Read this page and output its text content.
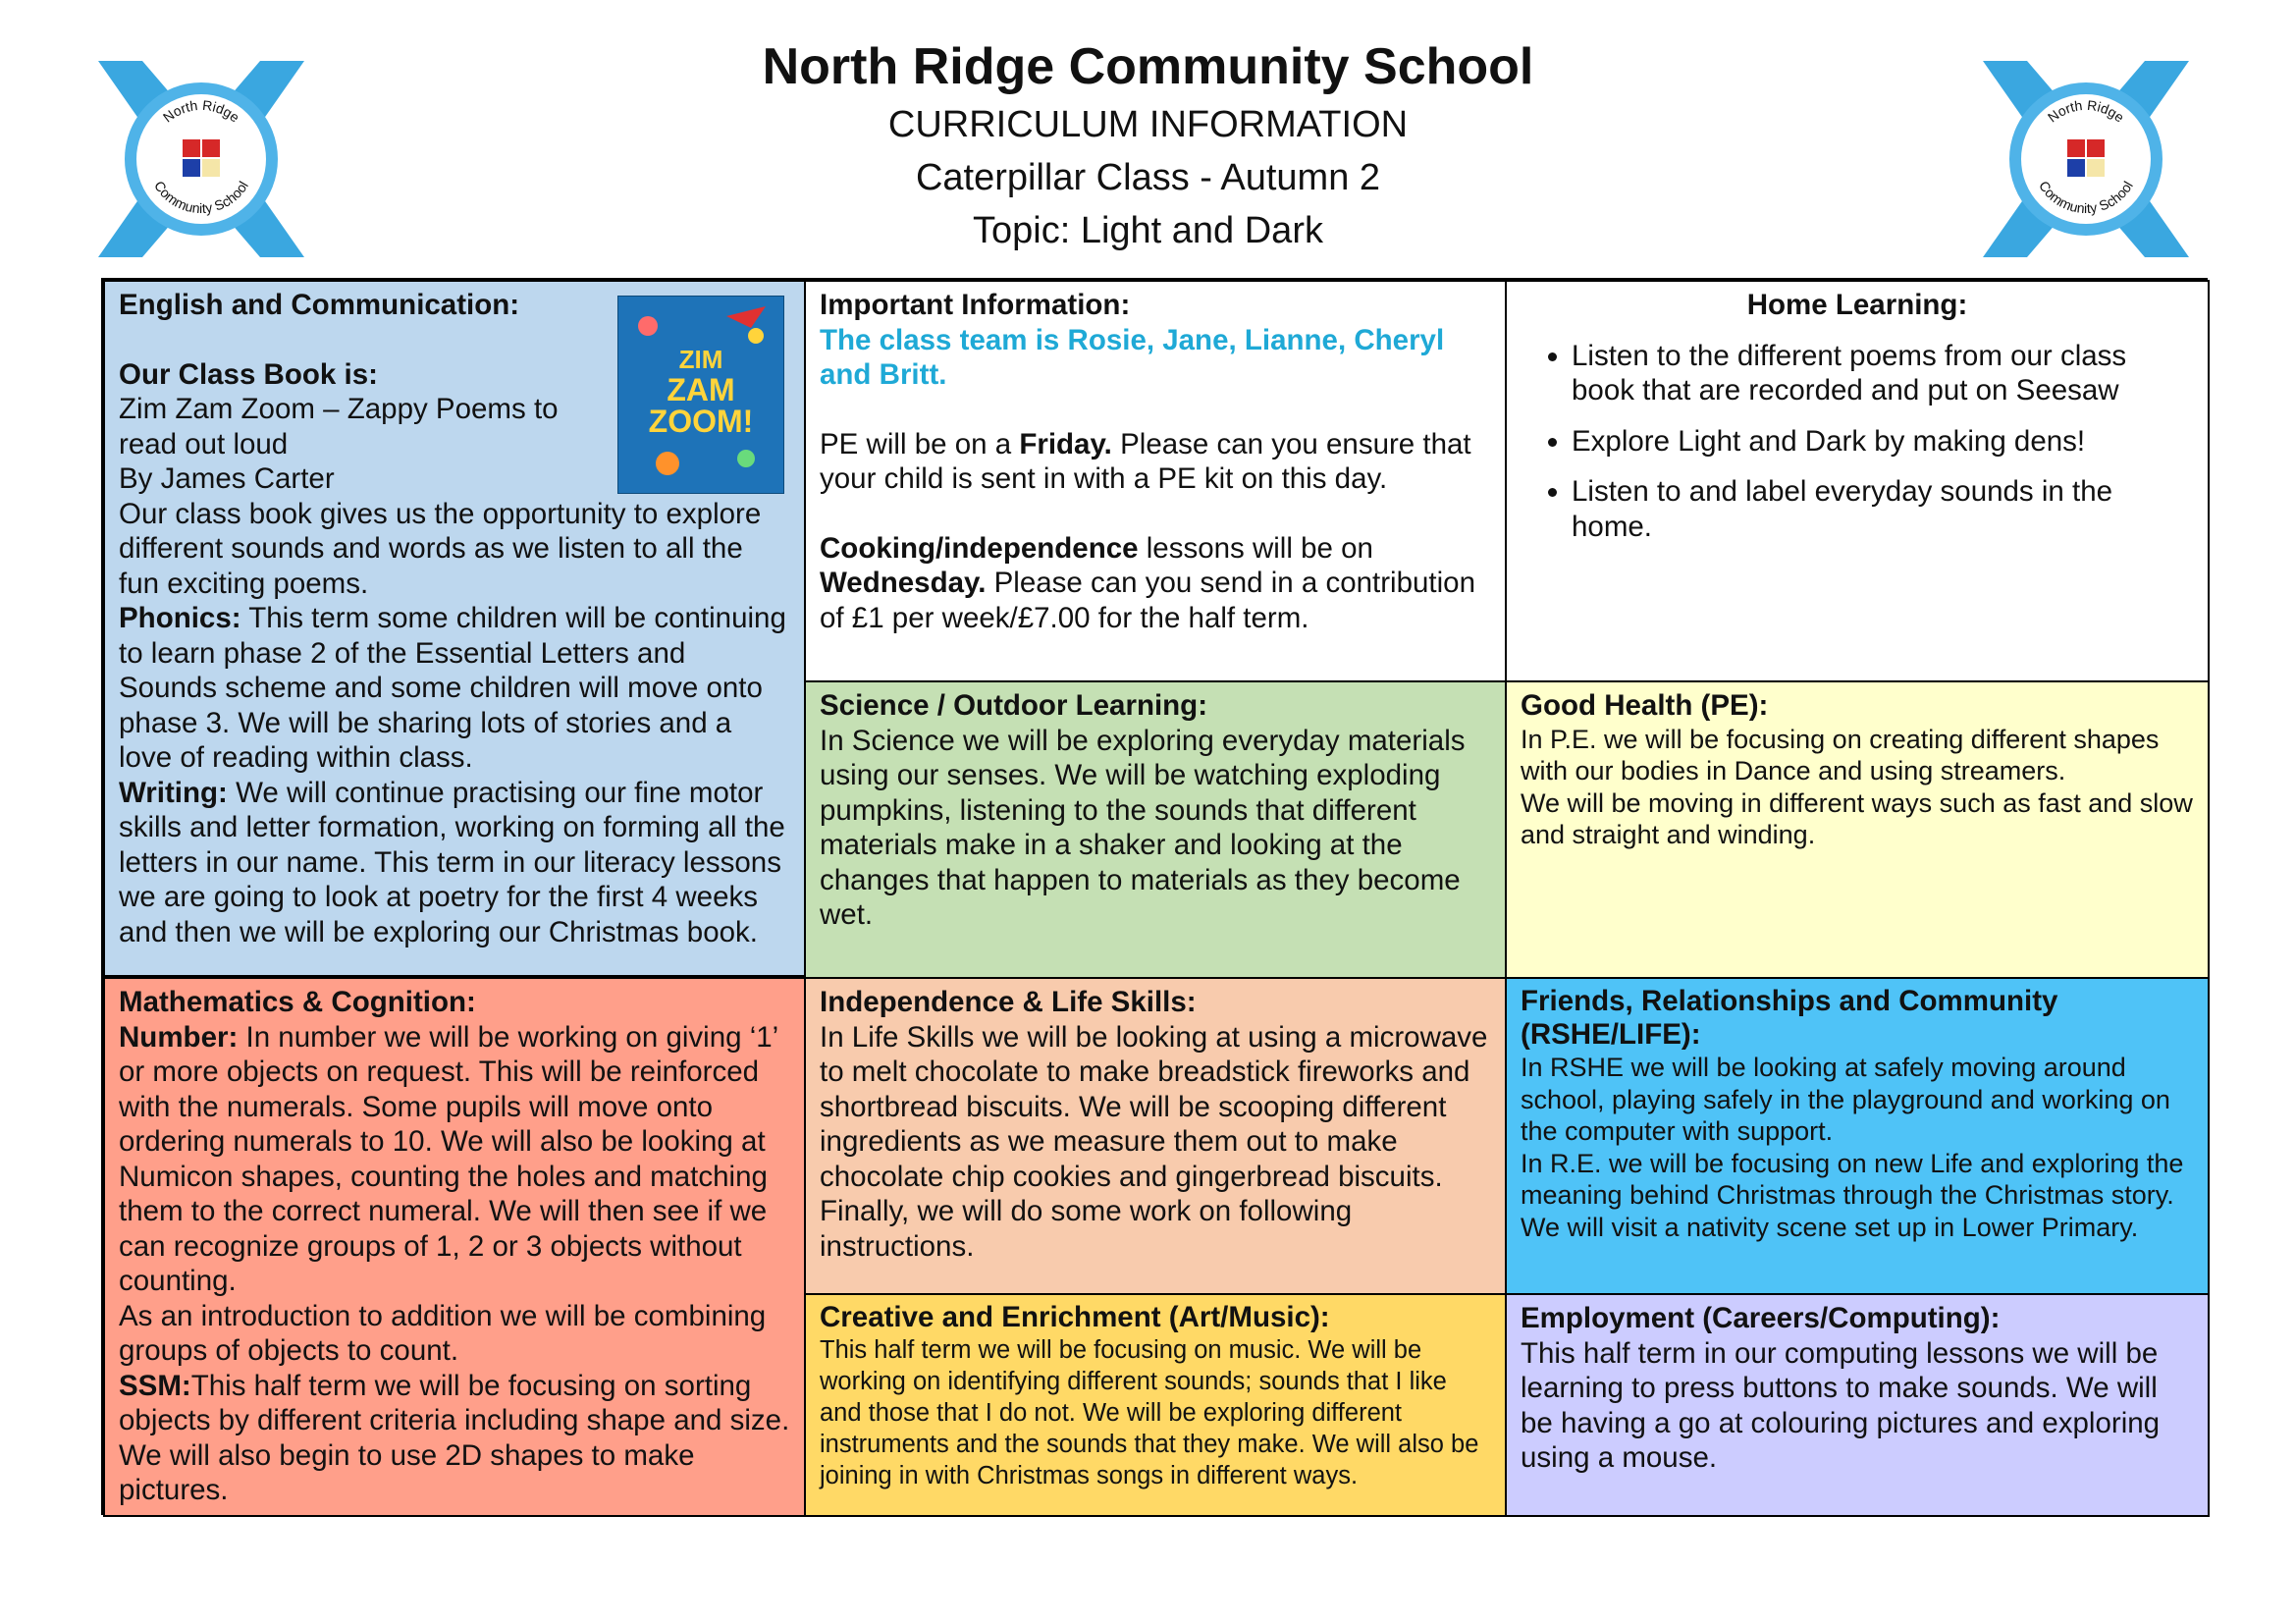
North Ridge
Community School
North Ridge Community School
CURRICULUM INFORMATION
Caterpillar Class - Autumn 2
Topic: Light and Dark
North Ridge
Community School
ZIM
ZAM
ZOOM!

English and Communication:

Our Class Book is:

Zim Zam Zoom – Zappy Poems to read out loud

By James Carter

Our class book gives us the opportunity to explore different sounds and words as we listen to all the fun exciting poems.

Phonics: This term some children will be continuing to learn phase 2 of the Essential Letters and Sounds scheme and some children will move onto phase 3. We will be sharing lots of stories and a love of reading within class.

Writing: We will continue practising our fine motor skills and letter formation, working on forming all the letters in our name. This term in our literacy lessons we are going to look at poetry for the first 4 weeks and then we will be exploring our Christmas book.

Important Information:

The class team is Rosie, Jane, Lianne, Cheryl and Britt.

PE will be on a Friday. Please can you ensure that your child is sent in with a PE kit on this day.

Cooking/independence lessons will be on Wednesday. Please can you send in a contribution of £1 per week/£7.00 for the half term.

Home Learning:

• Listen to the different poems from our class book that are recorded and put on Seesaw
• Explore Light and Dark by making dens!
• Listen to and label everyday sounds in the home.

Science / Outdoor Learning:

In Science we will be exploring everyday materials using our senses. We will be watching exploding pumpkins, listening to the sounds that different materials make in a shaker and looking at the changes that happen to materials as they become wet.

Good Health (PE):

In P.E. we will be focusing on creating different shapes with our bodies in Dance and using streamers.

We will be moving in different ways such as fast and slow and straight and winding.

Mathematics & Cognition:

Number: In number we will be working on giving ‘1’ or more objects on request. This will be reinforced with the numerals. Some pupils will move onto ordering numerals to 10. We will also be looking at Numicon shapes, counting the holes and matching them to the correct numeral. We will then see if we can recognize groups of 1, 2 or 3 objects without counting.

As an introduction to addition we will be combining groups of objects to count.

SSM:This half term we will be focusing on sorting objects by different criteria including shape and size. We will also begin to use 2D shapes to make pictures.

Independence & Life Skills:

In Life Skills we will be looking at using a microwave to melt chocolate to make breadstick fireworks and shortbread biscuits. We will be scooping different ingredients as we measure them out to make chocolate chip cookies and gingerbread biscuits.

Finally, we will do some work on following instructions.

Friends, Relationships and Community (RSHE/LIFE):

In RSHE we will be looking at safely moving around school, playing safely in the playground and working on the computer with support.

In R.E. we will be focusing on new Life and exploring the meaning behind Christmas through the Christmas story. We will visit a nativity scene set up in Lower Primary.

Creative and Enrichment (Art/Music):

This half term we will be focusing on music. We will be working on identifying different sounds; sounds that I like and those that I do not. We will be exploring different instruments and the sounds that they make. We will also be joining in with Christmas songs in different ways.

Employment (Careers/Computing):

This half term in our computing lessons we will be learning to press buttons to make sounds. We will be having a go at colouring pictures and exploring using a mouse.
